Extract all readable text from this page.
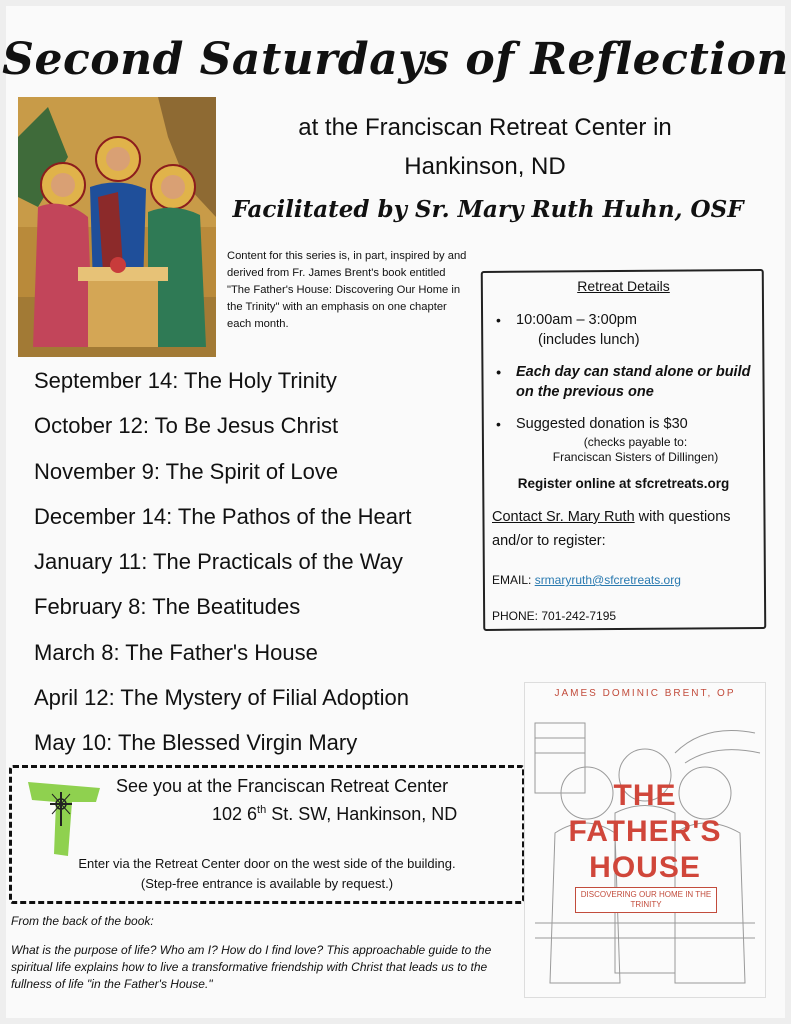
Second Saturdays of Reflection
at the Franciscan Retreat Center in
Hankinson, ND
Facilitated by Sr. Mary Ruth Huhn, OSF
Content for this series is, in part, inspired by and derived from Fr. James Brent's book entitled "The Father's House: Discovering Our Home in the Trinity" with an emphasis on one chapter each month.
Retreat Details
• 10:00am – 3:00pm
(includes lunch)
• Each day can stand alone or build on the previous one
• Suggested donation is $30
(checks payable to:
Franciscan Sisters of Dillingen)
Register online at sfcretreats.org
Contact Sr. Mary Ruth with questions and/or to register:
EMAIL: srmaryruth@sfcretreats.org
PHONE: 701-242-7195
September 14: The Holy Trinity
October 12: To Be Jesus Christ
November 9: The Spirit of Love
December 14: The Pathos of the Heart
January 11: The Practicals of the Way
February 8: The Beatitudes
March 8: The Father's House
April 12: The Mystery of Filial Adoption
May 10: The Blessed Virgin Mary
See you at the Franciscan Retreat Center
102 6th St. SW, Hankinson, ND
Enter via the Retreat Center door on the west side of the building.
(Step-free entrance is available by request.)
From the back of the book:
What is the purpose of life? Who am I? How do I find love? This approachable guide to the spiritual life explains how to live a transformative friendship with Christ that leads us to the fullness of life "in the Father's House."
JAMES DOMINIC BRENT, OP
THE
FATHER'S
HOUSE
DISCOVERING OUR HOME IN THE TRINITY
